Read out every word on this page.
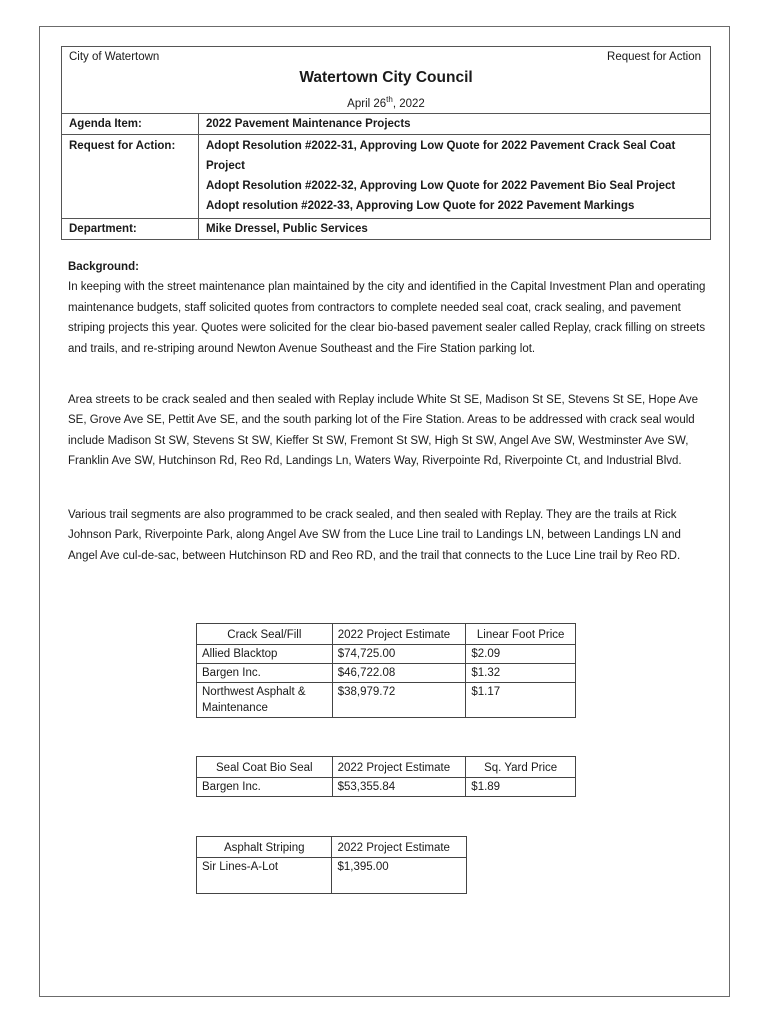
City of Watertown Request for Action
Watertown City Council
April 26th, 2022	

Agenda Item:	2022 Pavement Maintenance Projects
Request for Action:	Adopt Resolution #2022-31, Approving Low Quote for 2022 Pavement Crack Seal Coat Project

Adopt Resolution #2022-32, Approving Low Quote for 2022 Pavement Bio Seal Project

Adopt resolution #2022-33, Approving Low Quote for 2022 Pavement Markings

Department:	Mike Dressel, Public Services
Background:

In keeping with the street maintenance plan maintained by the city and identified in the Capital Investment Plan and operating maintenance budgets, staff solicited quotes from contractors to complete needed seal coat, crack sealing, and pavement striping projects this year. Quotes were solicited for the clear bio-based pavement sealer called Replay, crack filling on streets and trails, and re-striping around Newton Avenue Southeast and the Fire Station parking lot.

Area streets to be crack sealed and then sealed with Replay include White St SE, Madison St SE, Stevens St SE, Hope Ave SE, Grove Ave SE, Pettit Ave SE, and the south parking lot of the Fire Station. Areas to be addressed with crack seal would include Madison St SW, Stevens St SW, Kieffer St SW, Fremont St SW, High St SW, Angel Ave SW, Westminster Ave SW, Franklin Ave SW, Hutchinson Rd, Reo Rd, Landings Ln, Waters Way, Riverpointe Rd, Riverpointe Ct, and Industrial Blvd.

Various trail segments are also programmed to be crack sealed, and then sealed with Replay. They are the trails at Rick Johnson Park, Riverpointe Park, along Angel Ave SW from the Luce Line trail to Landings LN, between Landings LN and Angel Ave cul-de-sac, between Hutchinson RD and Reo RD, and the trail that connects to the Luce Line trail by Reo RD.

Crack Seal/Fill	2022 Project Estimate	Linear Foot Price
Allied Blacktop	$74,725.00	$2.09
Bargen Inc.	$46,722.08	$1.32
Northwest Asphalt & Maintenance	$38,979.72	$1.17
Seal Coat Bio Seal	2022 Project Estimate	Sq. Yard Price
Bargen Inc.	$53,355.84	$1.89
Asphalt Striping	2022 Project Estimate
Sir Lines-A-Lot	$1,395.00
